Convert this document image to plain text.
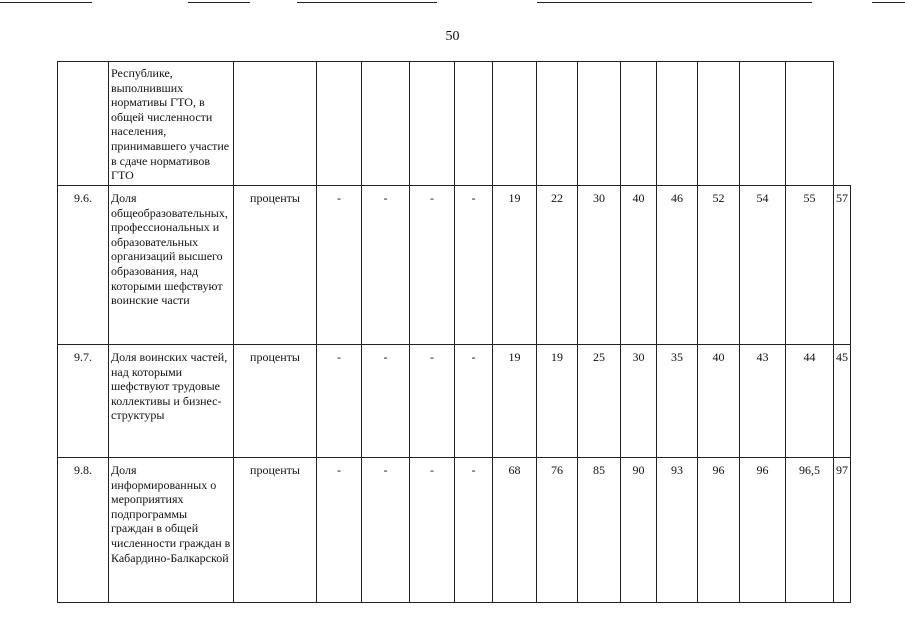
50
	Республике, выполнивших нормативы ГТО, в общей численности населения, принимавшего участие в сдаче нормативов ГТО														
9.6.	Доля общеобразовательных, профессиональных и образовательных организаций высшего образования, над которыми шефствуют воинские части	проценты	-	-	-	-	19	22	30	40	46	52	54	55	57
9.7.	Доля воинских частей, над которыми шефствуют трудовые коллективы и бизнес-структуры	проценты	-	-	-	-	19	19	25	30	35	40	43	44	45
9.8.	Доля информированных о мероприятиях подпрограммы граждан в общей численности граждан в Кабардино-Балкарской	проценты	-	-	-	-	68	76	85	90	93	96	96	96,5	97
